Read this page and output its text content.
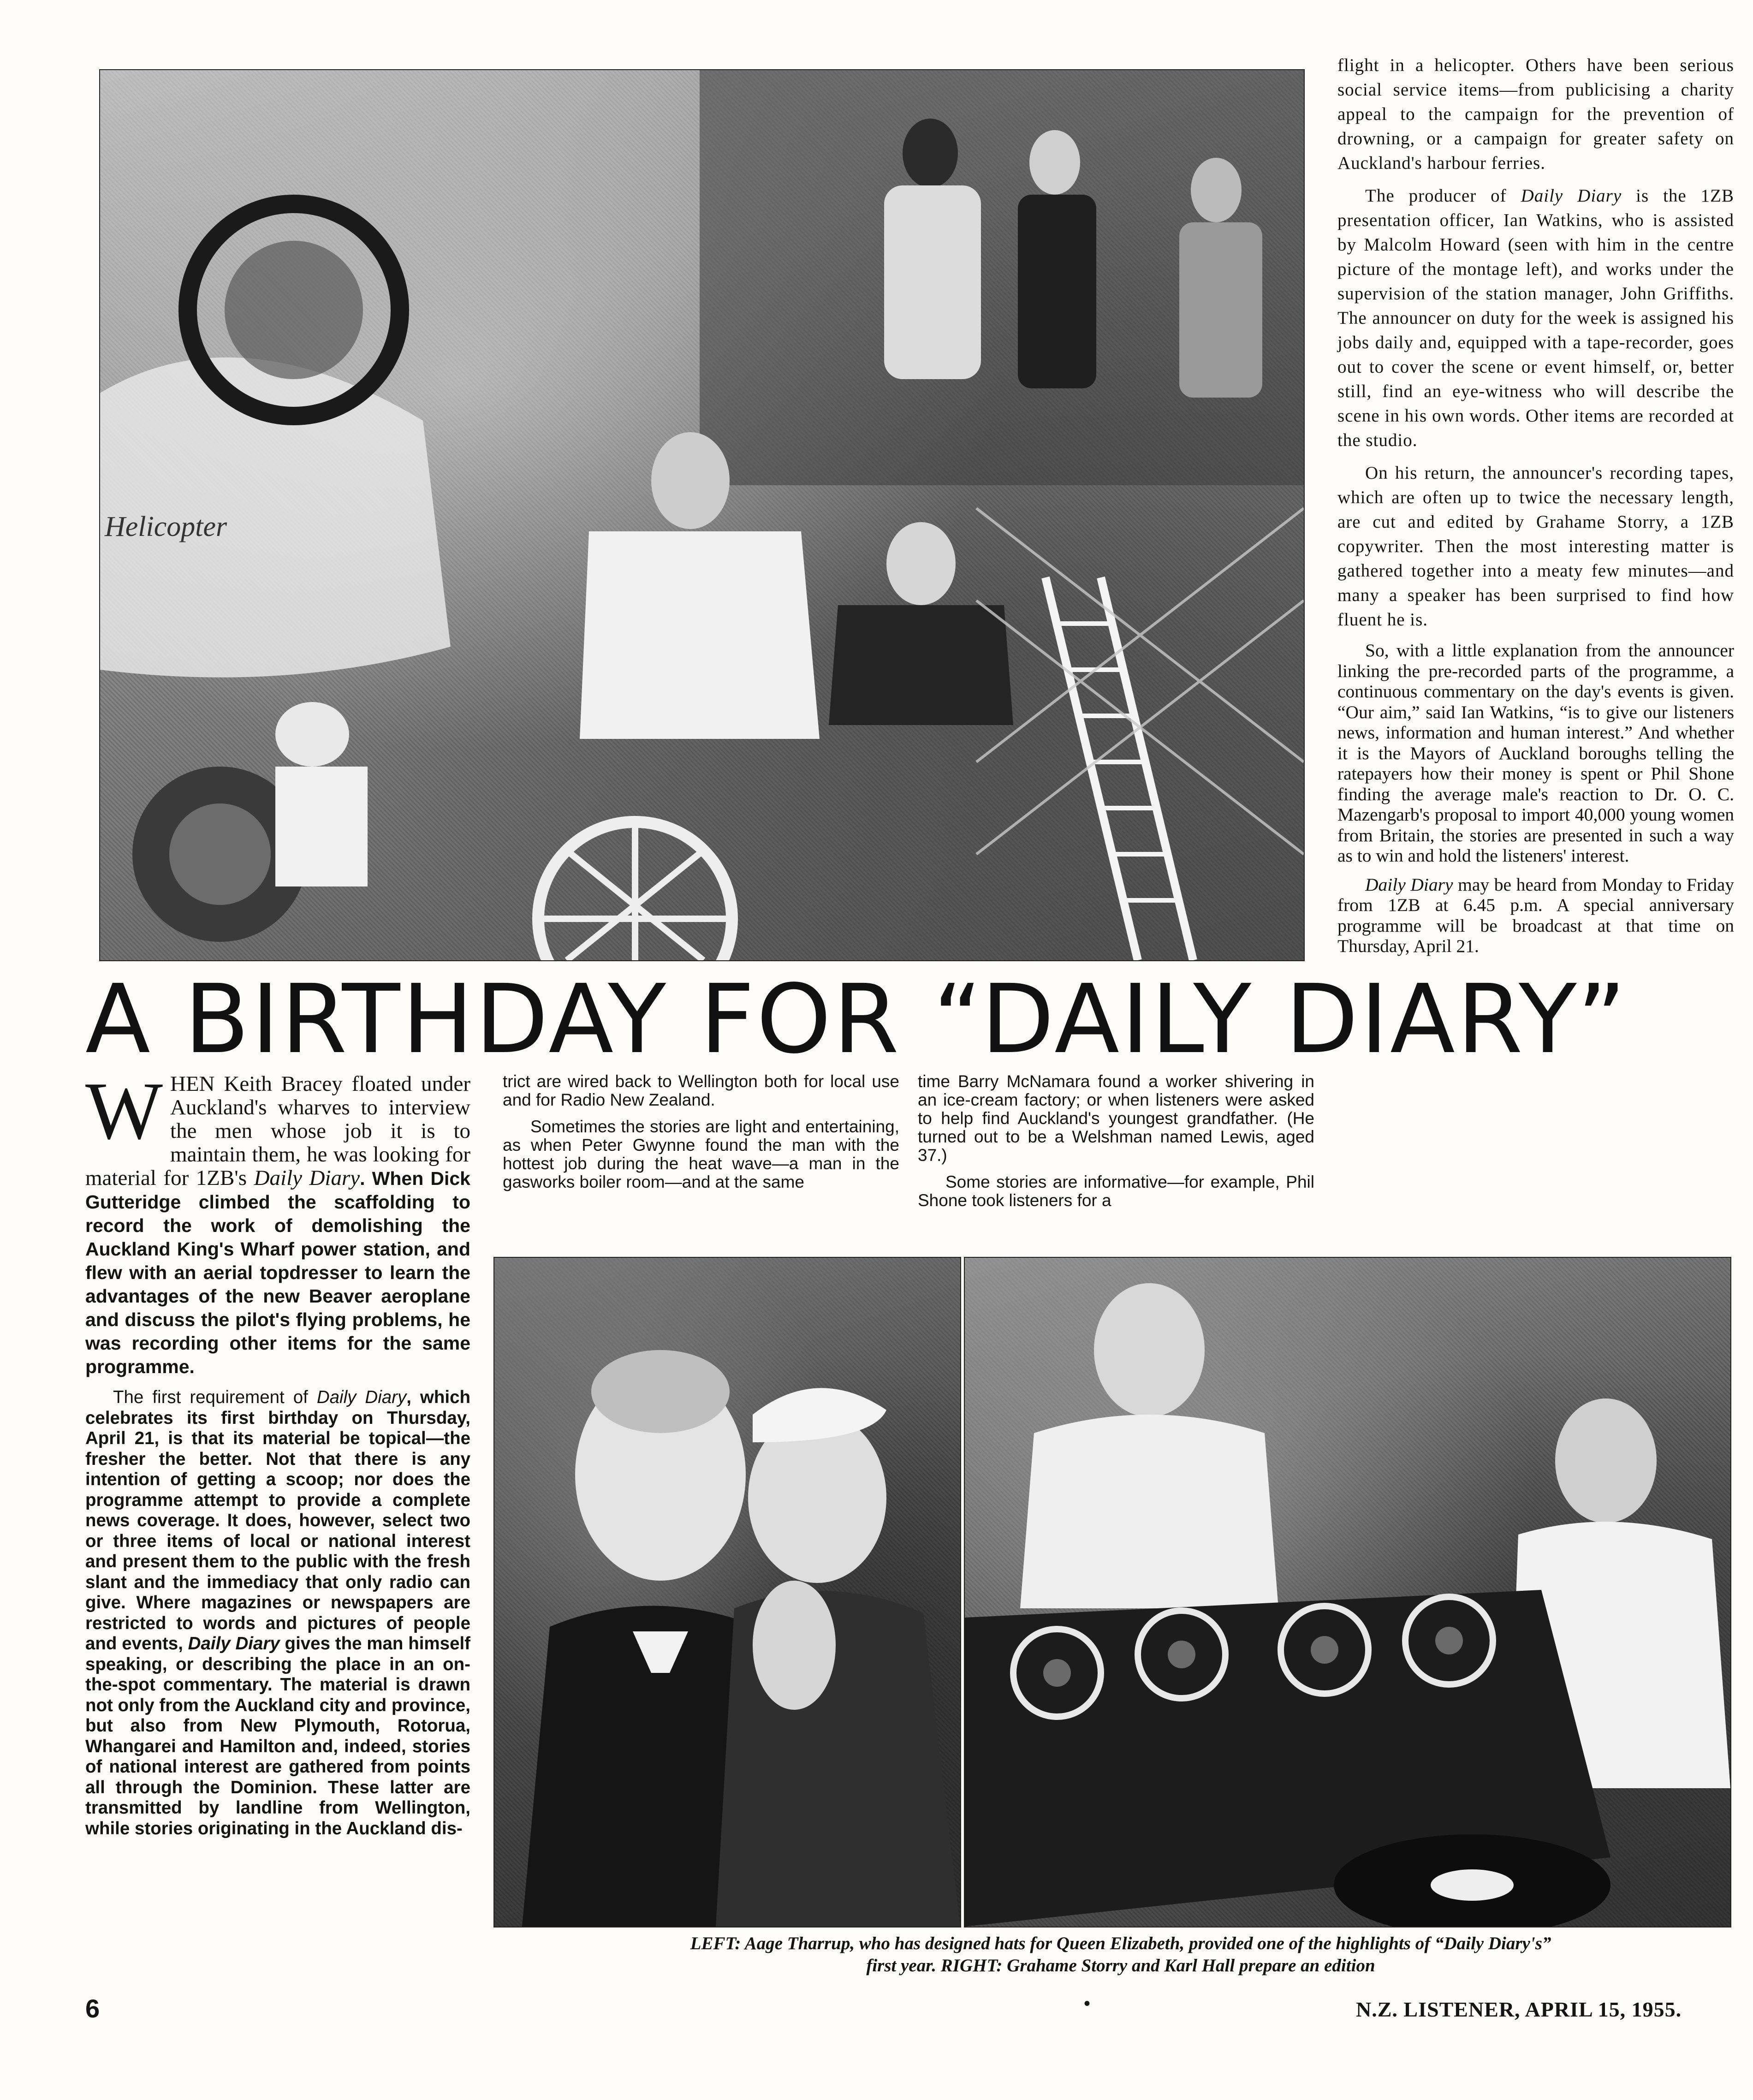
Helicopter
A BIRTHDAY FOR “DAILY DIARY”
WHEN Keith Bracey floated under Auckland's wharves to interview the men whose job it is to maintain them, he was looking for material for 1ZB's Daily Diary. When Dick Gutteridge climbed the scaffolding to record the work of demolishing the Auckland King's Wharf power station, and flew with an aerial topdresser to learn the advantages of the new Beaver aeroplane and discuss the pilot's flying problems, he was recording other items for the same programme.

The first requirement of Daily Diary, which celebrates its first birthday on Thursday, April 21, is that its material be topical—the fresher the better. Not that there is any intention of getting a scoop; nor does the programme attempt to provide a complete news coverage. It does, however, select two or three items of local or national interest and present them to the public with the fresh slant and the immediacy that only radio can give. Where magazines or newspapers are restricted to words and pictures of people and events, Daily Diary gives the man himself speaking, or describing the place in an on-the-spot commentary. The material is drawn not only from the Auckland city and province, but also from New Plymouth, Rotorua, Whangarei and Hamilton and, indeed, stories of national interest are gathered from points all through the Dominion. These latter are transmitted by landline from Wellington, while stories originating in the Auckland dis-

trict are wired back to Wellington both for local use and for Radio New Zealand.

Sometimes the stories are light and entertaining, as when Peter Gwynne found the man with the hottest job during the heat wave—a man in the gasworks boiler room—and at the same

time Barry McNamara found a worker shivering in an ice-cream factory; or when listeners were asked to help find Auckland's youngest grandfather. (He turned out to be a Welshman named Lewis, aged 37.)

Some stories are informative—for example, Phil Shone took listeners for a

flight in a helicopter. Others have been serious social service items—from publicising a charity appeal to the campaign for the prevention of drowning, or a campaign for greater safety on Auckland's harbour ferries.

The producer of Daily Diary is the 1ZB presentation officer, Ian Watkins, who is assisted by Malcolm Howard (seen with him in the centre picture of the montage left), and works under the supervision of the station manager, John Griffiths. The announcer on duty for the week is assigned his jobs daily and, equipped with a tape-recorder, goes out to cover the scene or event himself, or, better still, find an eye-witness who will describe the scene in his own words. Other items are recorded at the studio.

On his return, the announcer's recording tapes, which are often up to twice the necessary length, are cut and edited by Grahame Storry, a 1ZB copywriter. Then the most interesting matter is gathered together into a meaty few minutes—and many a speaker has been surprised to find how fluent he is.

So, with a little explanation from the announcer linking the pre-recorded parts of the programme, a continuous commentary on the day's events is given. “Our aim,” said Ian Watkins, “is to give our listeners news, information and human interest.” And whether it is the Mayors of Auckland boroughs telling the ratepayers how their money is spent or Phil Shone finding the average male's reaction to Dr. O. C. Mazengarb's proposal to import 40,000 young women from Britain, the stories are presented in such a way as to win and hold the listeners' interest.

Daily Diary may be heard from Monday to Friday from 1ZB at 6.45 p.m. A special anniversary programme will be broadcast at that time on Thursday, April 21.

LEFT: Aage Tharrup, who has designed hats for Queen Elizabeth, provided one of the highlights of “Daily Diary's”
first year. RIGHT: Grahame Storry and Karl Hall prepare an edition
6	•	N.Z. LISTENER, APRIL 15, 1955.
